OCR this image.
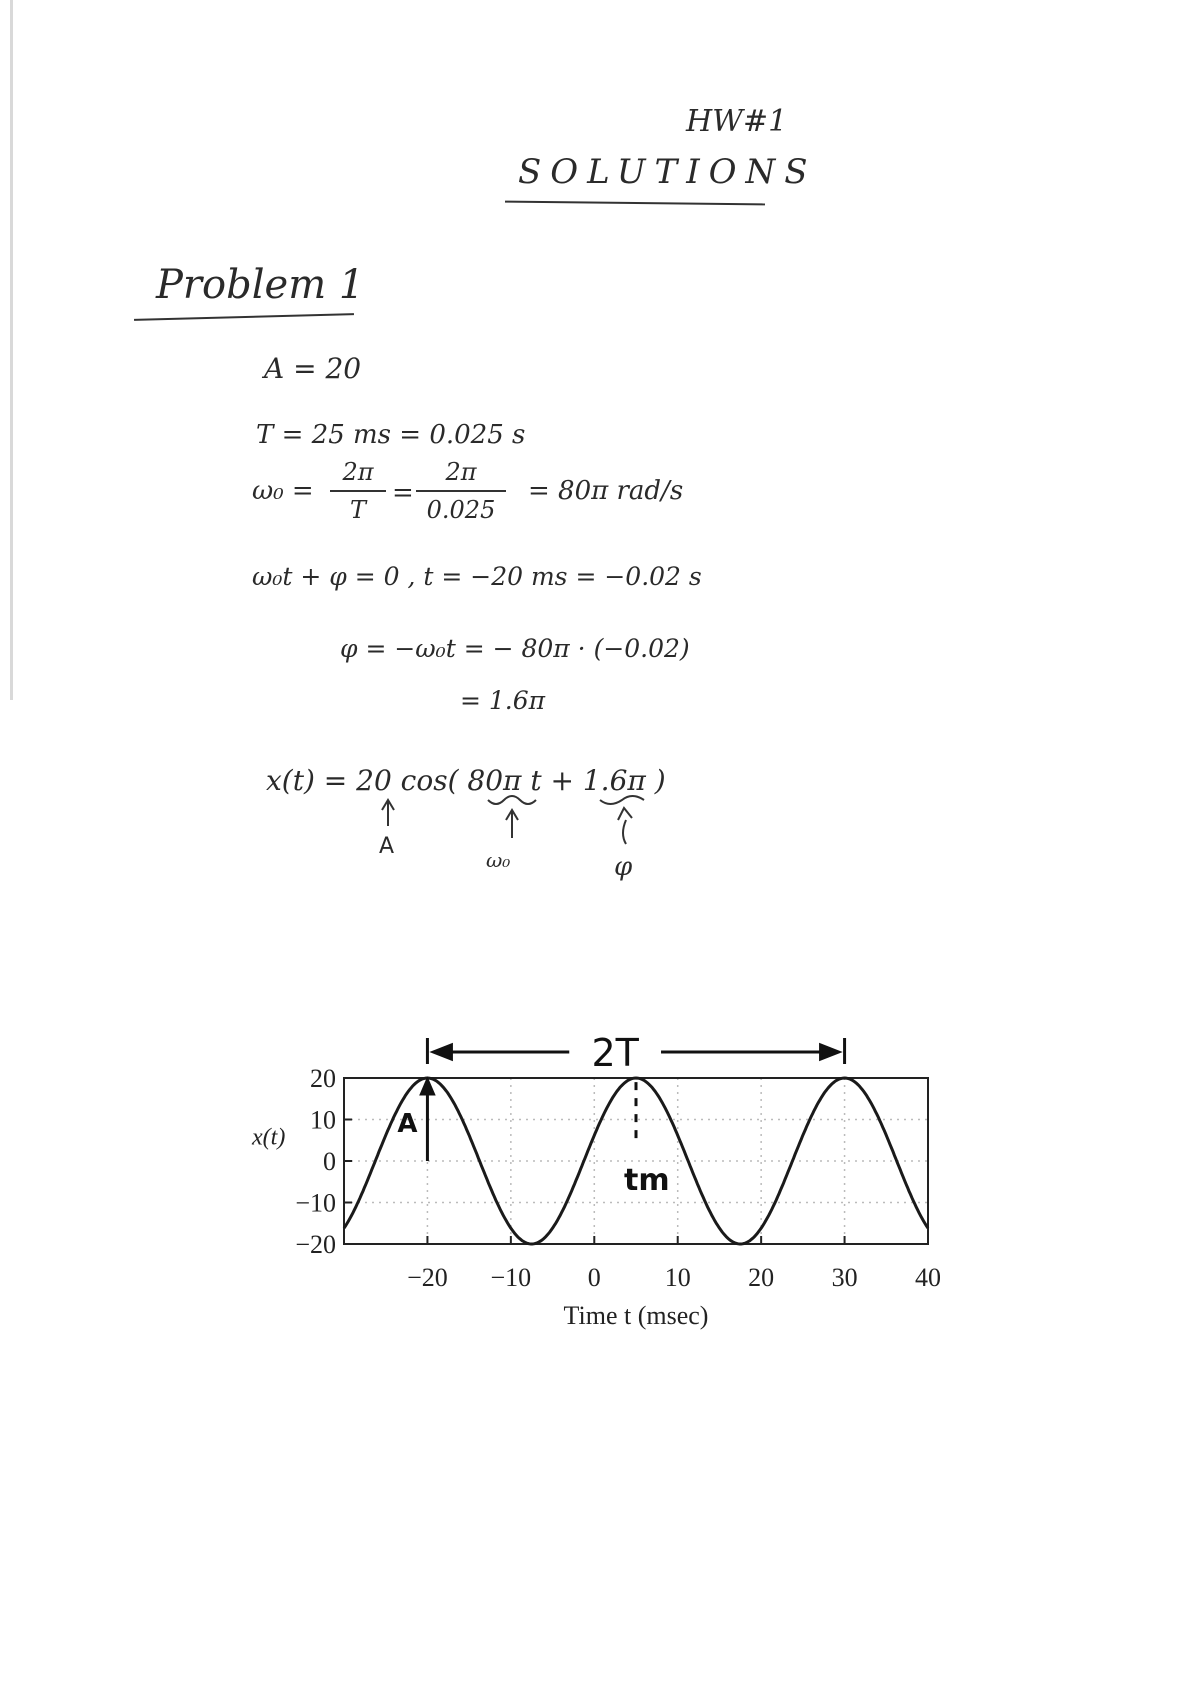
HW#1
SOLUTIONS
Problem 1
A = 20
T = 25 ms = 0.025 s
ω₀ =
2π
T
=
2π
0.025
= 80π rad/s
ω₀t + φ = 0 , t = −20 ms = −0.02 s
φ = −ω₀t = − 80π · (−0.02)
= 1.6π
x(t) = 20 cos( 80π t + 1.6π )
A
ω₀	φ
−20 −10 0 10 20 30 40
20
10
0
−10
−20
x(t)
Time t (msec)
2T
A
tm
